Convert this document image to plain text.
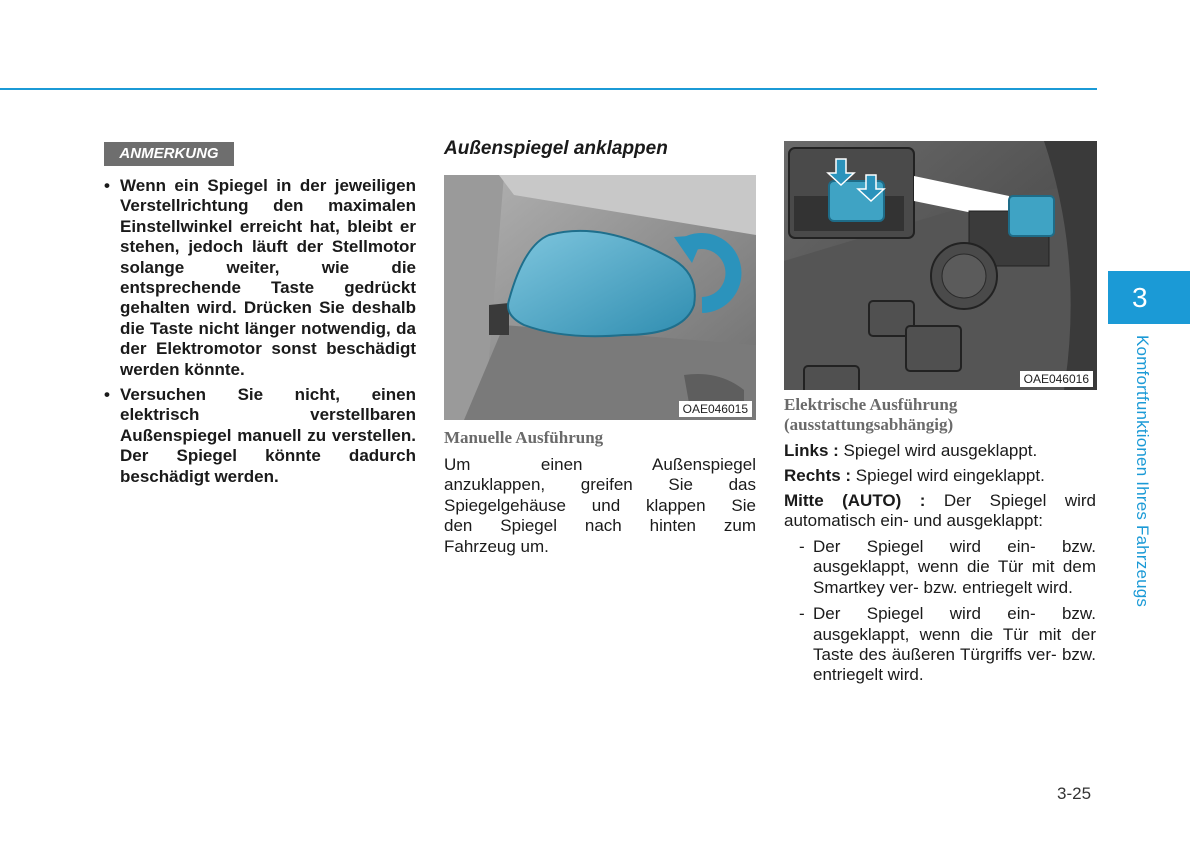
ANMERKUNG
• Wenn ein Spiegel in der jeweiligen Verstellrichtung den maximalen Einstellwinkel erreicht hat, bleibt er stehen, jedoch läuft der Stellmotor solange weiter, wie die entsprechende Taste gedrückt gehalten wird. Drücken Sie deshalb die Taste nicht länger notwendig, da der Elektromotor sonst beschädigt werden könnte.
• Versuchen Sie nicht, einen elektrisch verstellbaren Außenspiegel manuell zu verstellen. Der Spiegel könnte dadurch beschädigt werden.
Außenspiegel anklappen
OAE046015

Manuelle Ausführung

Um einen Außenspiegel
anzuklappen, greifen Sie das
Spiegelgehäuse und klappen Sie
den Spiegel nach hinten zum
Fahrzeug um.

OAE046016

Elektrische Ausführung
(ausstattungsabhängig)

Links : Spiegel wird ausgeklappt.

Rechts : Spiegel wird eingeklappt.

Mitte (AUTO) : Der Spiegel wird automatisch ein- und ausgeklappt:

- Der Spiegel wird ein- bzw. ausgeklappt, wenn die Tür mit dem Smartkey ver- bzw. entriegelt wird.
- Der Spiegel wird ein- bzw. ausgeklappt, wenn die Tür mit der Taste des äußeren Türgriffs ver- bzw. entriegelt wird.
3
Komfortfunktionen Ihres Fahrzeugs
3-25
